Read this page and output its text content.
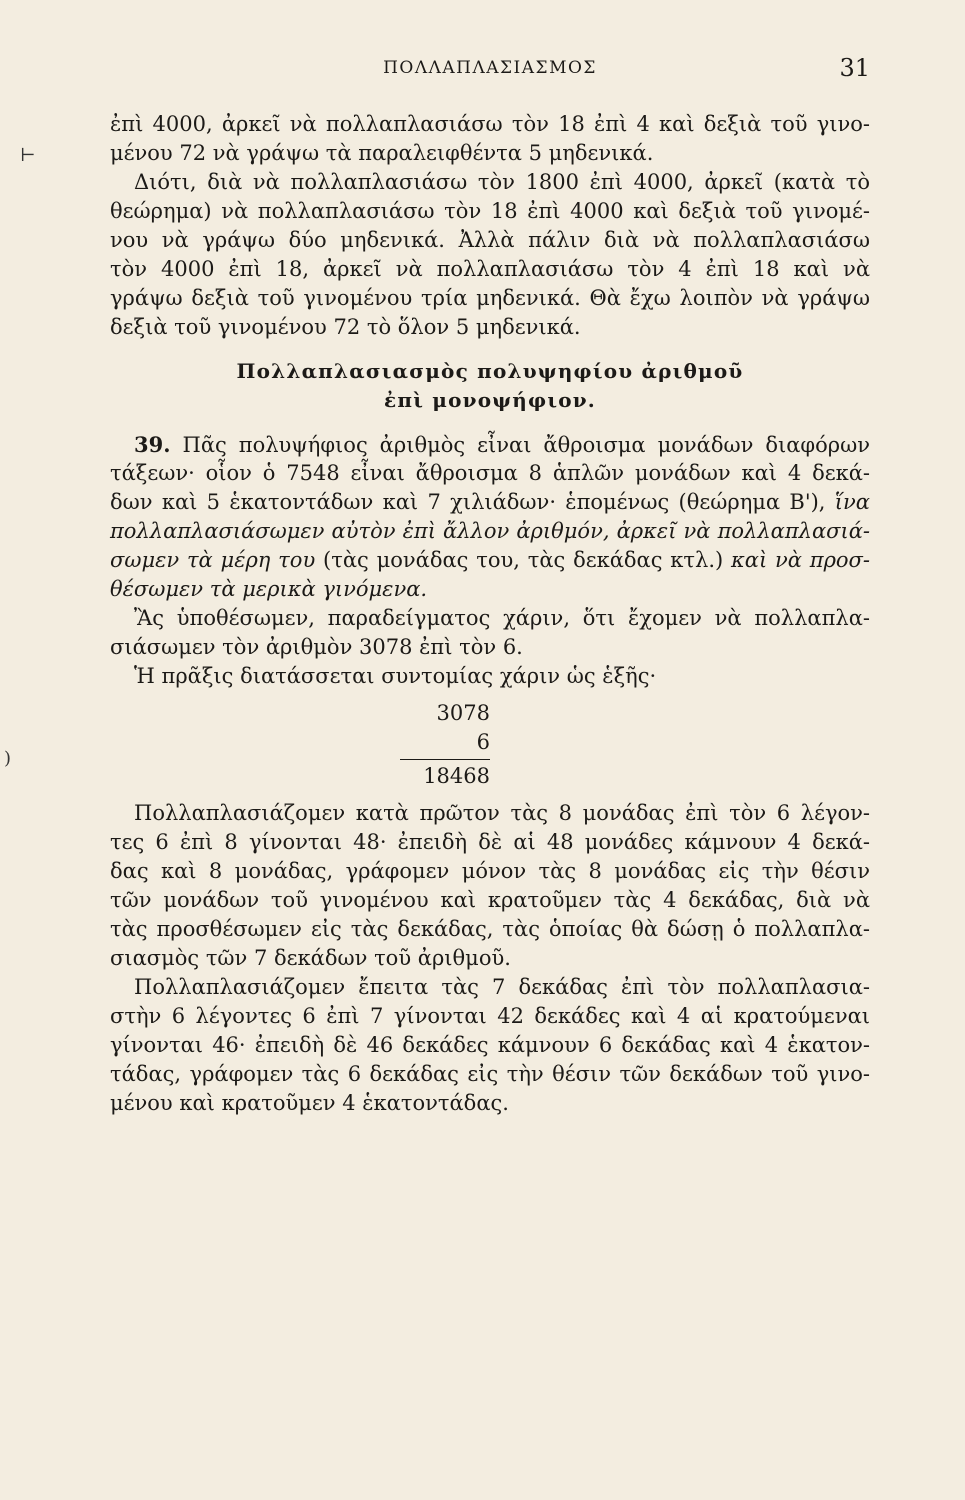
ΠΟΛΛΑΠΛΑΣΙΑΣΜΟΣ	31
⊢
ἐπὶ 4000, ἀρκεῖ νὰ πολλαπλασιάσω τὸν 18 ἐπὶ 4 καὶ δεξιὰ τοῦ γινο-
μένου 72 νὰ γράψω τὰ παραλειφθέντα 5 μηδενικά.
Διότι, διὰ νὰ πολλαπλασιάσω τὸν 1800 ἐπὶ 4000, ἀρκεῖ (κατὰ τὸ
θεώρημα) νὰ πολλαπλασιάσω τὸν 18 ἐπὶ 4000 καὶ δεξιὰ τοῦ γινομέ-
νου νὰ γράψω δύο μηδενικά. Ἀλλὰ πάλιν διὰ νὰ πολλαπλασιάσω
τὸν 4000 ἐπὶ 18, ἀρκεῖ νὰ πολλαπλασιάσω τὸν 4 ἐπὶ 18 καὶ νὰ
γράψω δεξιὰ τοῦ γινομένου τρία μηδενικά. Θὰ ἔχω λοιπὸν νὰ γράψω
δεξιὰ τοῦ γινομένου 72 τὸ ὅλον 5 μηδενικά.
Πολλαπλασιασμὸς πολυψηφίου ἀριθμοῦ
ἐπὶ μονοψήφιον.
39. Πᾶς πολυψήφιος ἀριθμὸς εἶναι ἄθροισμα μονάδων διαφόρων
τάξεων· οἷον ὁ 7548 εἶναι ἄθροισμα 8 ἁπλῶν μονάδων καὶ 4 δεκά-
δων καὶ 5 ἑκατοντάδων καὶ 7 χιλιάδων· ἑπομένως (θεώρημα Β'), ἵνα
πολλαπλασιάσωμεν αὐτὸν ἐπὶ ἄλλον ἀριθμόν, ἀρκεῖ νὰ πολλαπλασιά-
σωμεν τὰ μέρη του (τὰς μονάδας του, τὰς δεκάδας κτλ.) καὶ νὰ προσ-
θέσωμεν τὰ μερικὰ γινόμενα.
Ἂς ὑποθέσωμεν, παραδείγματος χάριν, ὅτι ἔχομεν νὰ πολλαπλα-
σιάσωμεν τὸν ἀριθμὸν 3078 ἐπὶ τὸν 6.
Ἡ πρᾶξις διατάσσεται συντομίας χάριν ὡς ἑξῆς·
3078
6
18468
Πολλαπλασιάζομεν κατὰ πρῶτον τὰς 8 μονάδας ἐπὶ τὸν 6 λέγον-
τες 6 ἐπὶ 8 γίνονται 48· ἐπειδὴ δὲ αἱ 48 μονάδες κάμνουν 4 δεκά-
δας καὶ 8 μονάδας, γράφομεν μόνον τὰς 8 μονάδας εἰς τὴν θέσιν
τῶν μονάδων τοῦ γινομένου καὶ κρατοῦμεν τὰς 4 δεκάδας, διὰ νὰ
τὰς προσθέσωμεν εἰς τὰς δεκάδας, τὰς ὁποίας θὰ δώσῃ ὁ πολλαπλα-
σιασμὸς τῶν 7 δεκάδων τοῦ ἀριθμοῦ.
Πολλαπλασιάζομεν ἔπειτα τὰς 7 δεκάδας ἐπὶ τὸν πολλαπλασια-
στὴν 6 λέγοντες 6 ἐπὶ 7 γίνονται 42 δεκάδες καὶ 4 αἱ κρατούμεναι
γίνονται 46· ἐπειδὴ δὲ 46 δεκάδες κάμνουν 6 δεκάδας καὶ 4 ἑκατον-
τάδας, γράφομεν τὰς 6 δεκάδας εἰς τὴν θέσιν τῶν δεκάδων τοῦ γινο-
μένου καὶ κρατοῦμεν 4 ἑκατοντάδας.
)
